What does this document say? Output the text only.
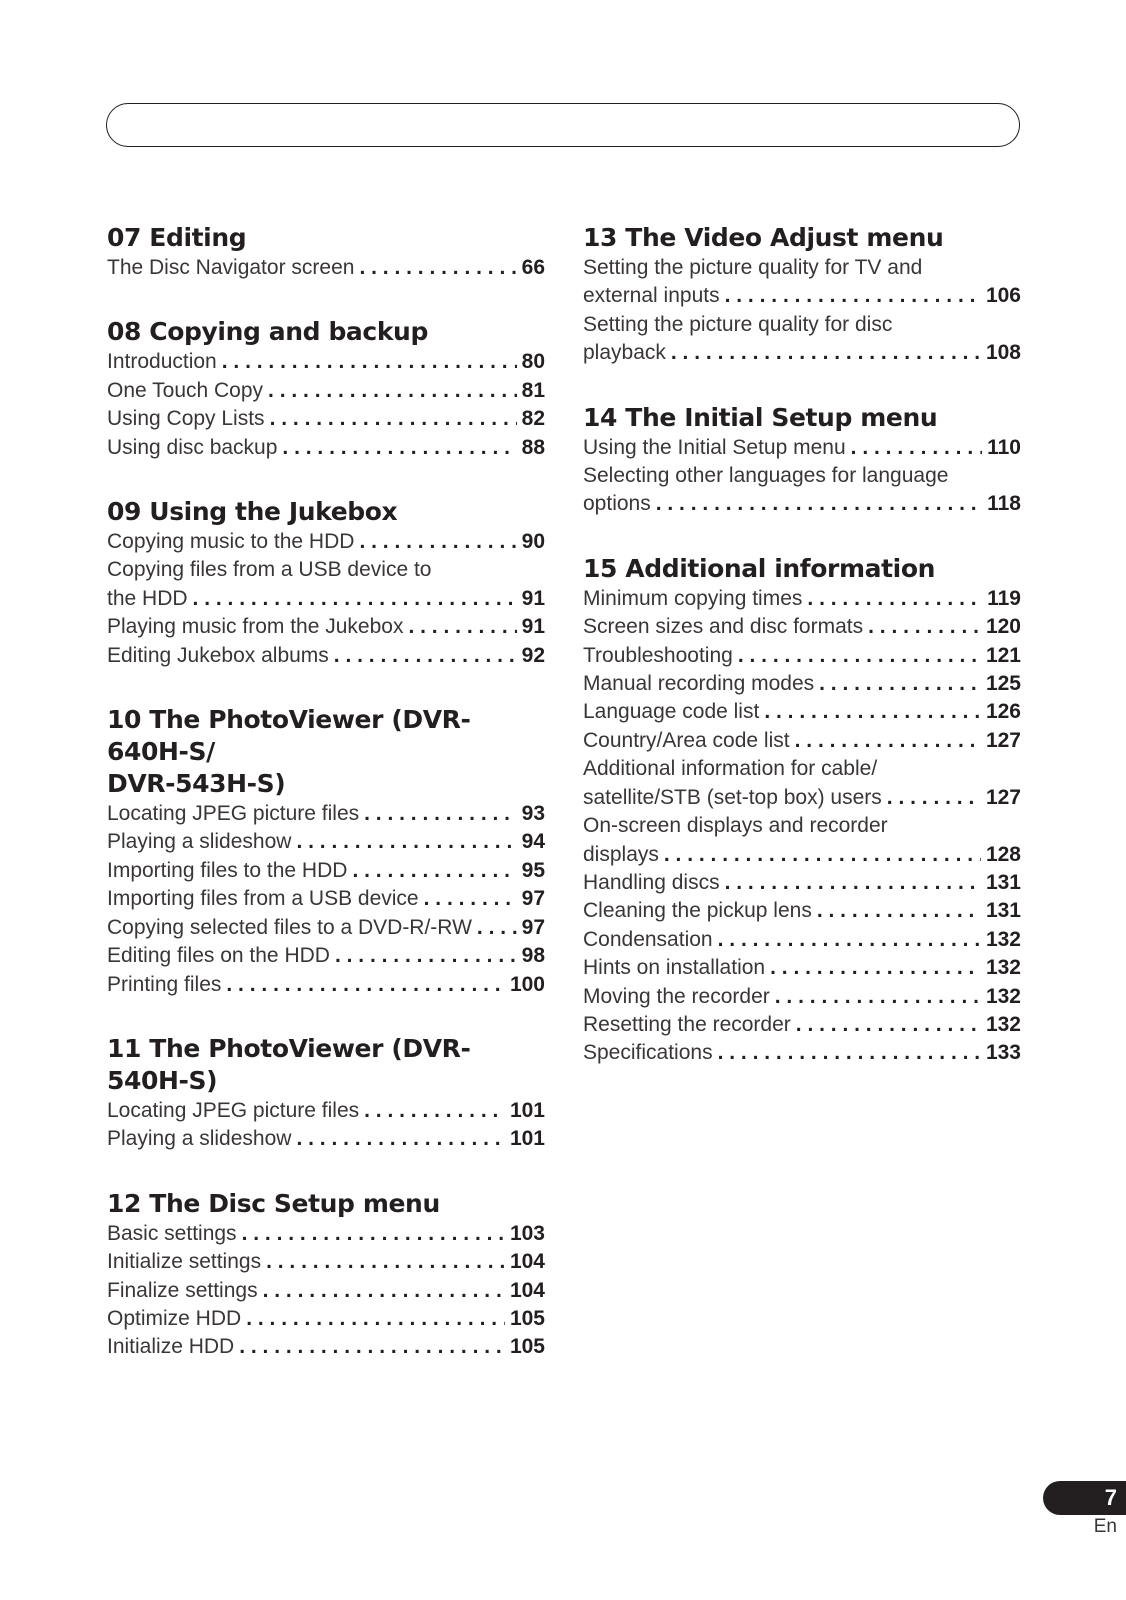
07 Editing
The Disc Navigator screen . . .	66
08 Copying and backup
Introduction . . .	80
One Touch Copy . . .	81
Using Copy Lists . . .	82
Using disc backup . . .	88
09 Using the Jukebox
Copying music to the HDD . . .	90
Copying files from a USB device to
the HDD . . .	91
Playing music from the Jukebox . . .	91
Editing Jukebox albums . . .	92
10 The PhotoViewer (DVR-640H-S/
DVR-543H-S)
Locating JPEG picture files . . .	93
Playing a slideshow . . .	94
Importing files to the HDD . . .	95
Importing files from a USB device . . .	97
Copying selected files to a DVD-R/-RW . . . 97
Editing files on the HDD . . .	98
Printing files . . .	100
11 The PhotoViewer (DVR-540H-S)
Locating JPEG picture files . . .	101
Playing a slideshow . . .	101
12 The Disc Setup menu
Basic settings . . .	103
Initialize settings . . .	104
Finalize settings . . .	104
Optimize HDD . . .	105
Initialize HDD . . .	105
13 The Video Adjust menu
Setting the picture quality for TV and
external inputs . . .	106
Setting the picture quality for disc
playback . . .	108
14 The Initial Setup menu
Using the Initial Setup menu . . .	110
Selecting other languages for language
options . . .	118
15 Additional information
Minimum copying times . . .	119
Screen sizes and disc formats . . .	120
Troubleshooting . . .	121
Manual recording modes . . .	125
Language code list . . .	126
Country/Area code list . . .	127
Additional information for cable/
satellite/STB (set-top box) users . . .	127
On-screen displays and recorder
displays . . .	128
Handling discs . . .	131
Cleaning the pickup lens . . .	131
Condensation . . .	132
Hints on installation . . .	132
Moving the recorder . . .	132
Resetting the recorder . . .	132
Specifications . . .	133
7
En
